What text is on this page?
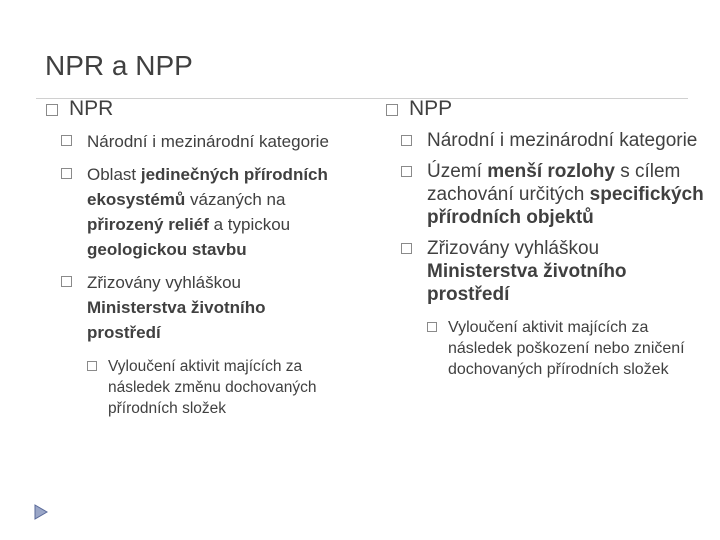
NPR a NPP
NPR
Národní i mezinárodní kategorie
Oblast jedinečných přírodních ekosystémů vázaných na přirozený reliéf a typickou geologickou stavbu
Zřizovány vyhláškou Ministerstva životního prostředí
Vyloučení aktivit majících za následek změnu dochovaných přírodních složek
NPP
Národní i mezinárodní kategorie
Území menší rozlohy s cílem zachování určitých specifických přírodních objektů
Zřizovány vyhláškou Ministerstva životního prostředí
Vyloučení aktivit majících za následek poškození nebo zničení dochovaných přírodních složek
